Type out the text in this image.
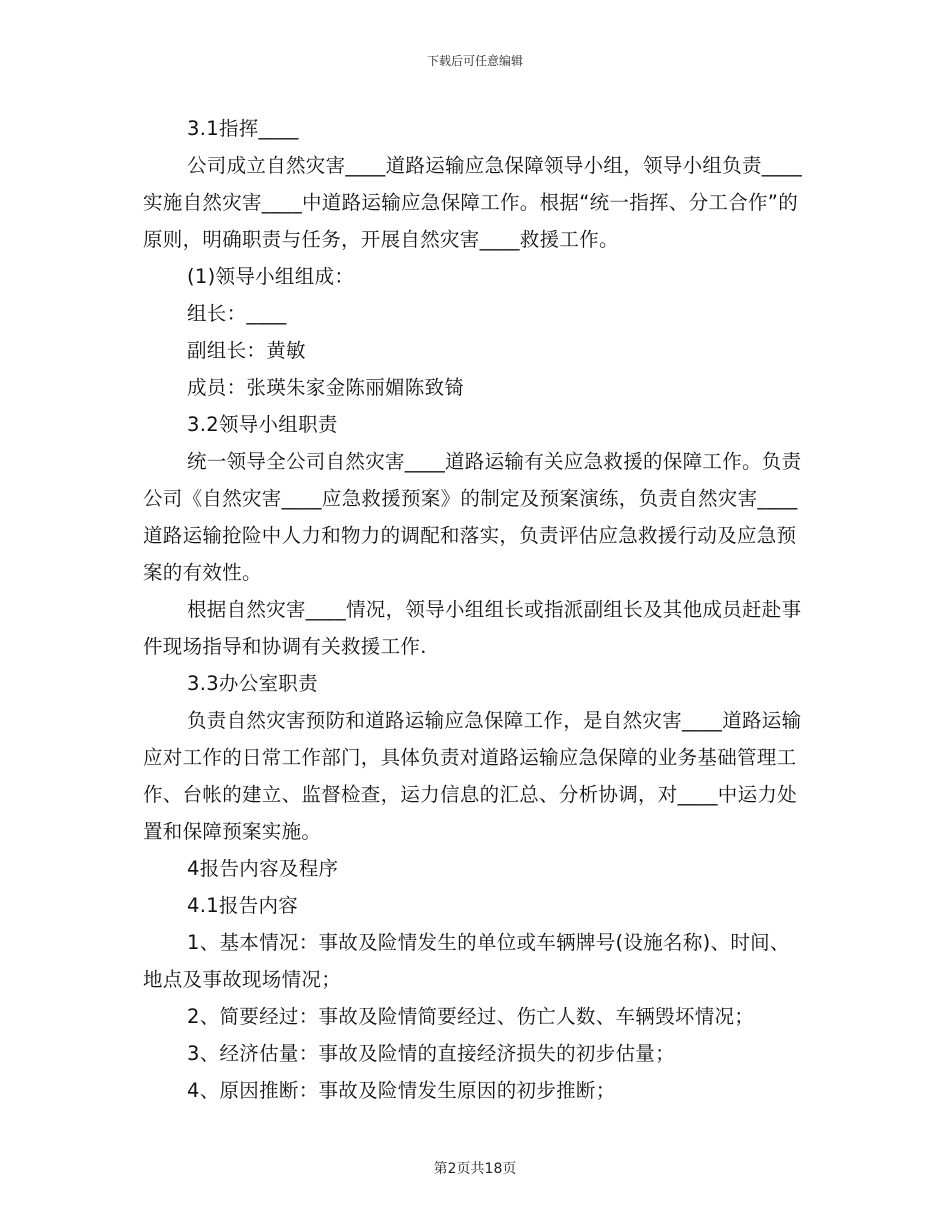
下载后可任意编辑

3.1指挥____

公司成立自然灾害____道路运输应急保障领导小组，领导小组负责____实施自然灾害____中道路运输应急保障工作。根据“统一指挥、分工合作”的原则，明确职责与任务，开展自然灾害____救援工作。

(1)领导小组组成：

组长：____

副组长：黄敏

成员：张瑛朱家金陈丽媚陈致锜

3.2领导小组职责

统一领导全公司自然灾害____道路运输有关应急救援的保障工作。负责公司《自然灾害____应急救援预案》的制定及预案演练，负责自然灾害____道路运输抢险中人力和物力的调配和落实，负责评估应急救援行动及应急预案的有效性。

根据自然灾害____情况，领导小组组长或指派副组长及其他成员赶赴事件现场指导和协调有关救援工作.

3.3办公室职责

负责自然灾害预防和道路运输应急保障工作，是自然灾害____道路运输应对工作的日常工作部门，具体负责对道路运输应急保障的业务基础管理工作、台帐的建立、监督检查，运力信息的汇总、分析协调，对____中运力处置和保障预案实施。

4报告内容及程序

4.1报告内容

1、基本情况：事故及险情发生的单位或车辆牌号(设施名称)、时间、地点及事故现场情况；

2、简要经过：事故及险情简要经过、伤亡人数、车辆毁坏情况；

3、经济估量：事故及险情的直接经济损失的初步估量；

4、原因推断：事故及险情发生原因的初步推断；

第2页共18页
